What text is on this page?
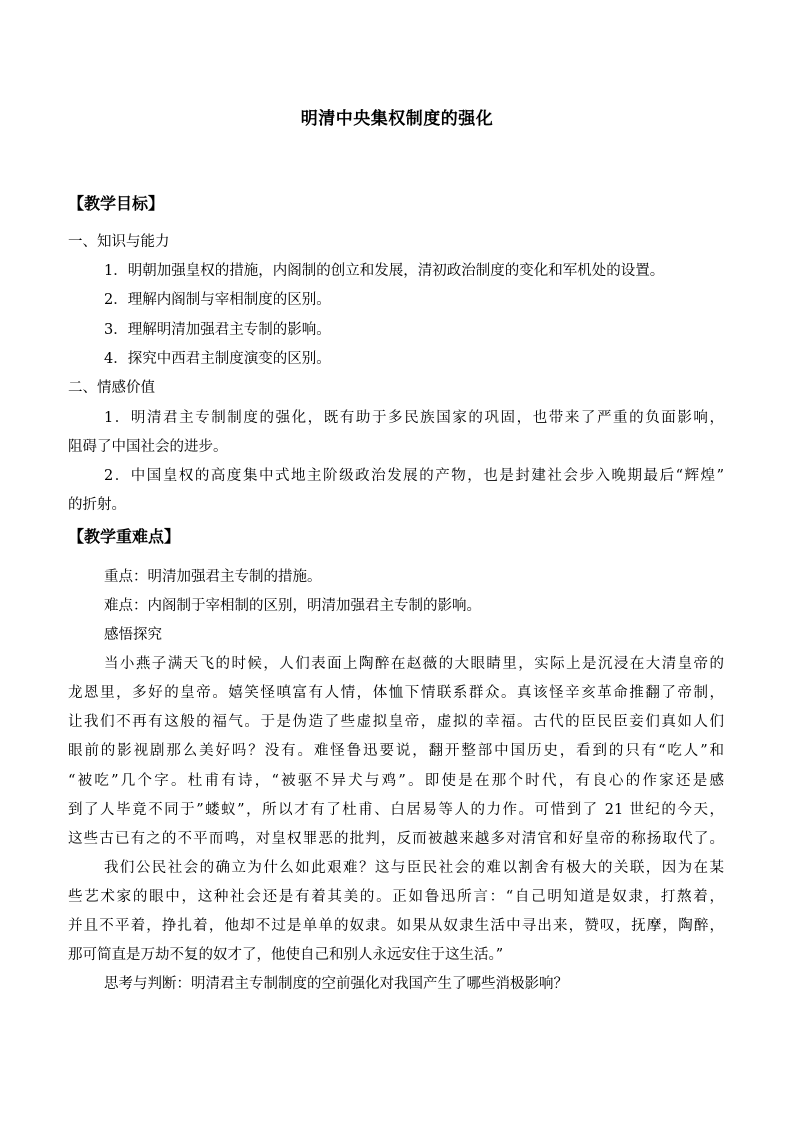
明清中央集权制度的强化
【教学目标】
一、知识与能力
1．明朝加强皇权的措施，内阁制的创立和发展，清初政治制度的变化和军机处的设置。
2．理解内阁制与宰相制度的区别。
3．理解明清加强君主专制的影响。
4．探究中西君主制度演变的区别。
二、情感价值
1．明清君主专制制度的强化，既有助于多民族国家的巩固，也带来了严重的负面影响，
阻碍了中国社会的进步。
2．中国皇权的高度集中式地主阶级政治发展的产物，也是封建社会步入晚期最后“辉煌”
的折射。
【教学重难点】
重点：明清加强君主专制的措施。
难点：内阁制于宰相制的区别，明清加强君主专制的影响。
感悟探究
当小燕子满天飞的时候，人们表面上陶醉在赵薇的大眼睛里，实际上是沉浸在大清皇帝的
龙恩里，多好的皇帝。嬉笑怪嗔富有人情，体恤下情联系群众。真该怪辛亥革命推翻了帝制，
让我们不再有这般的福气。于是伪造了些虚拟皇帝，虚拟的幸福。古代的臣民臣妾们真如人们
眼前的影视剧那么美好吗？没有。难怪鲁迅要说，翻开整部中国历史，看到的只有“吃人”和
“被吃”几个字。杜甫有诗，“被驱不异犬与鸡”。即使是在那个时代，有良心的作家还是感
到了人毕竟不同于”蝼蚁”，所以才有了杜甫、白居易等人的力作。可惜到了 21 世纪的今天，
这些古已有之的不平而鸣，对皇权罪恶的批判，反而被越来越多对清官和好皇帝的称扬取代了。
我们公民社会的确立为什么如此艰难？这与臣民社会的难以割舍有极大的关联，因为在某
些艺术家的眼中，这种社会还是有着其美的。正如鲁迅所言：“自己明知道是奴隶，打熬着，
并且不平着，挣扎着，他却不过是单单的奴隶。如果从奴隶生活中寻出来，赞叹，抚摩，陶醉，
那可简直是万劫不复的奴才了，他使自己和别人永远安住于这生活。”
思考与判断：明清君主专制制度的空前强化对我国产生了哪些消极影响？
